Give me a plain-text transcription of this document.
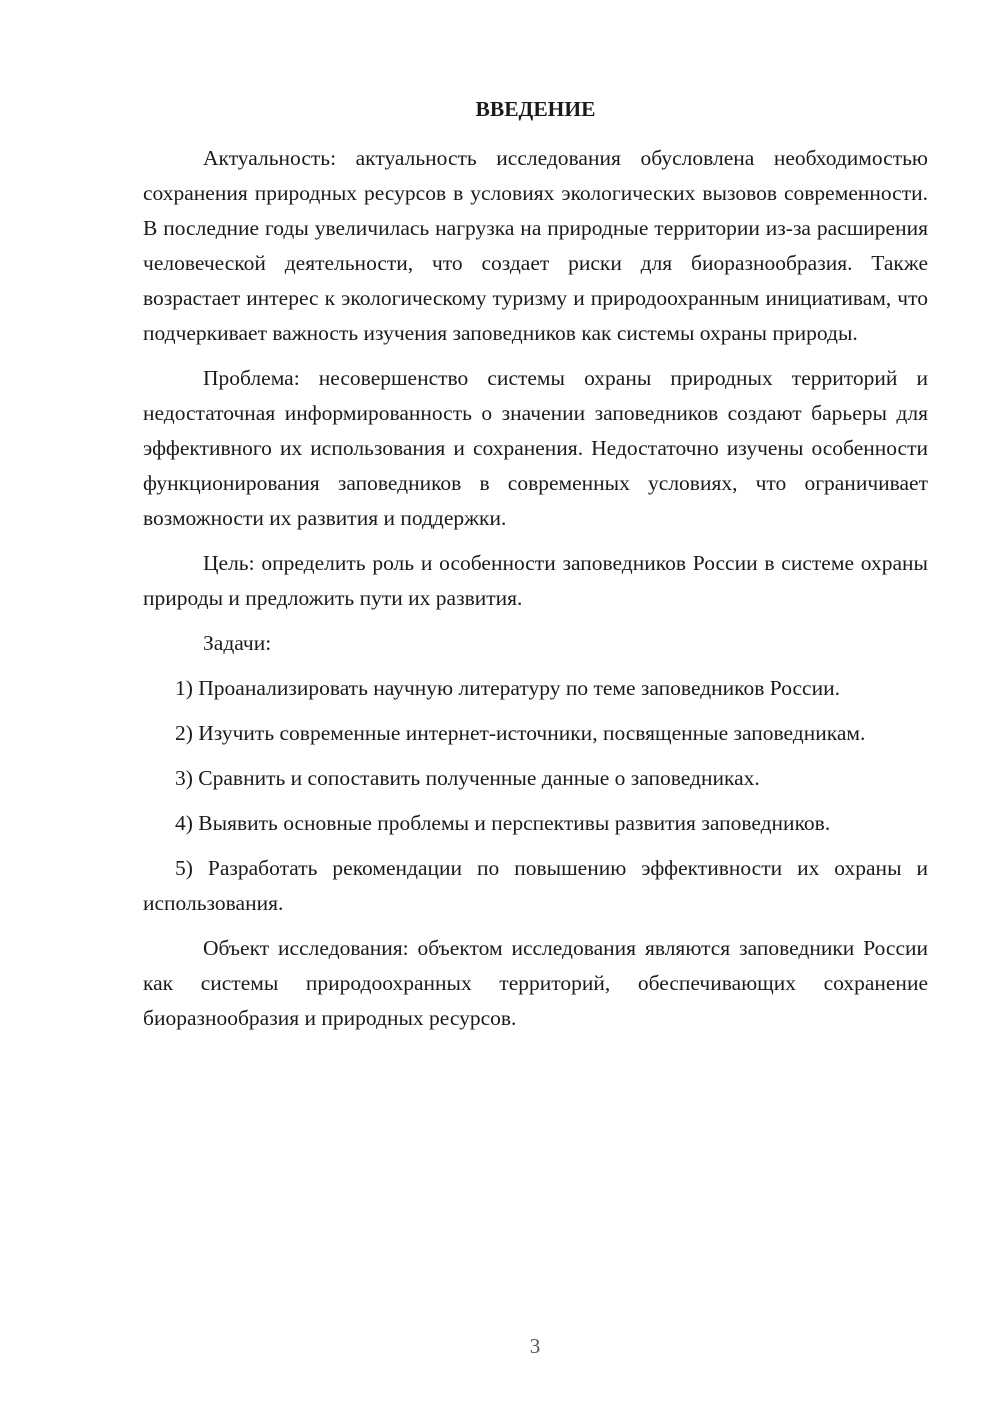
ВВЕДЕНИЕ

Актуальность: актуальность исследования обусловлена необходимостью сохранения природных ресурсов в условиях экологических вызовов современности. В последние годы увеличилась нагрузка на природные территории из-за расширения человеческой деятельности, что создает риски для биоразнообразия. Также возрастает интерес к экологическому туризму и природоохранным инициативам, что подчеркивает важность изучения заповедников как системы охраны природы.

Проблема: несовершенство системы охраны природных территорий и недостаточная информированность о значении заповедников создают барьеры для эффективного их использования и сохранения. Недостаточно изучены особенности функционирования заповедников в современных условиях, что ограничивает возможности их развития и поддержки.

Цель: определить роль и особенности заповедников России в системе охраны природы и предложить пути их развития.

Задачи:

1) Проанализировать научную литературу по теме заповедников России.

2) Изучить современные интернет-источники, посвященные заповедникам.

3) Сравнить и сопоставить полученные данные о заповедниках.

4) Выявить основные проблемы и перспективы развития заповедников.

5) Разработать рекомендации по повышению эффективности их охраны и использования.

Объект исследования: объектом исследования являются заповедники России как системы природоохранных территорий, обеспечивающих сохранение биоразнообразия и природных ресурсов.

3
